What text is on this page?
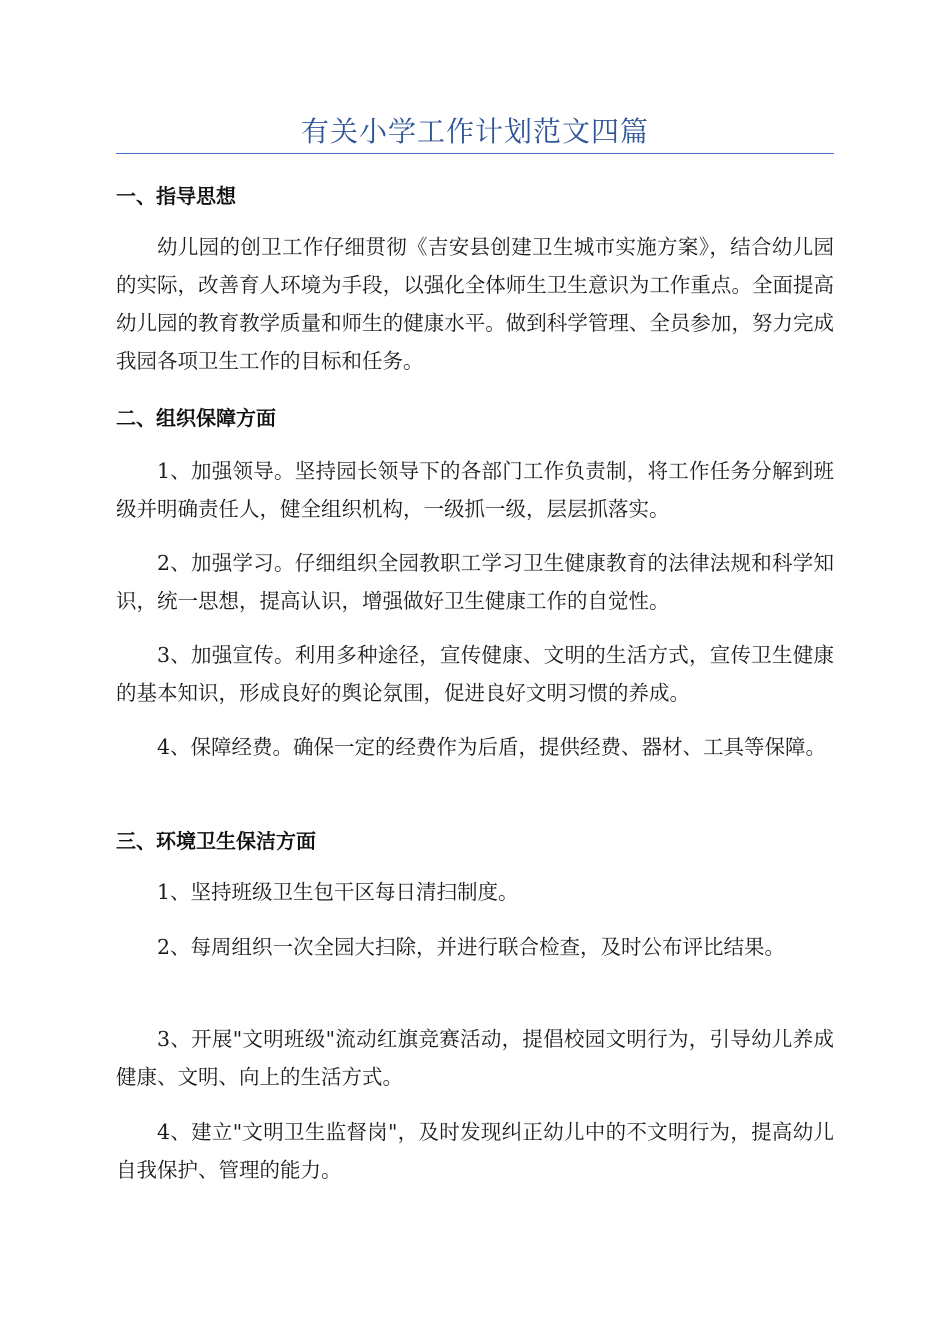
有关小学工作计划范文四篇
一、指导思想
幼儿园的创卫工作仔细贯彻《吉安县创建卫生城市实施方案》，结合幼儿园的实际，改善育人环境为手段，以强化全体师生卫生意识为工作重点。全面提高幼儿园的教育教学质量和师生的健康水平。做到科学管理、全员参加，努力完成我园各项卫生工作的目标和任务。
二、组织保障方面
1、加强领导。坚持园长领导下的各部门工作负责制，将工作任务分解到班级并明确责任人，健全组织机构，一级抓一级，层层抓落实。
2、加强学习。仔细组织全园教职工学习卫生健康教育的法律法规和科学知识，统一思想，提高认识，增强做好卫生健康工作的自觉性。
3、加强宣传。利用多种途径，宣传健康、文明的生活方式，宣传卫生健康的基本知识，形成良好的舆论氛围，促进良好文明习惯的养成。
4、保障经费。确保一定的经费作为后盾，提供经费、器材、工具等保障。
三、环境卫生保洁方面
1、坚持班级卫生包干区每日清扫制度。
2、每周组织一次全园大扫除，并进行联合检查，及时公布评比结果。
3、开展"文明班级"流动红旗竞赛活动，提倡校园文明行为，引导幼儿养成健康、文明、向上的生活方式。
4、建立"文明卫生监督岗"，及时发现纠正幼儿中的不文明行为，提高幼儿自我保护、管理的能力。
